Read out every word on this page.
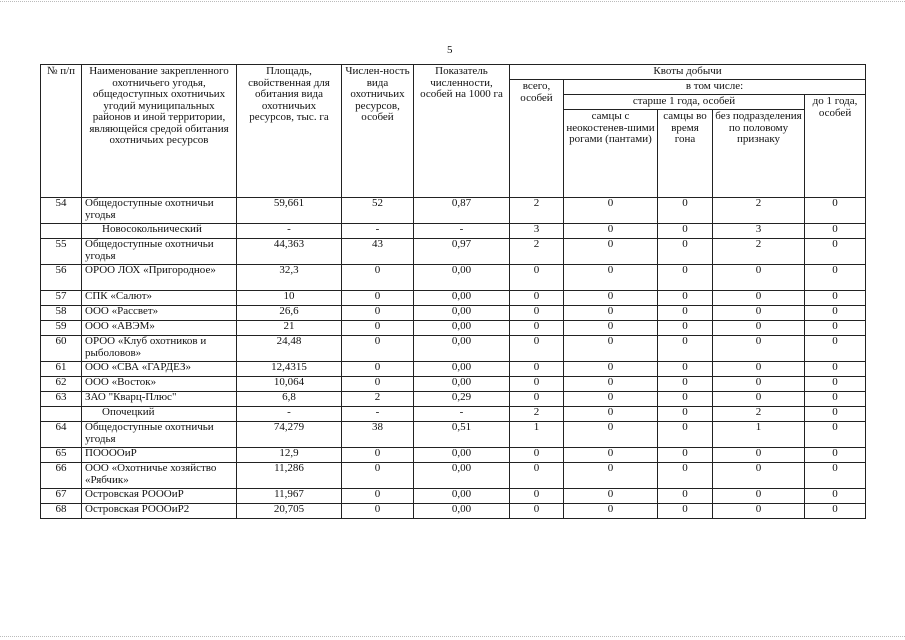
5
№ п/п	Наименование закрепленного охотничьего угодья, общедоступных охотничьих угодий муниципальных районов и иной территории, являющейся средой обитания охотничьих ресурсов	Площадь, свойственная для обитания вида охотничьих ресурсов, тыс. га	Числен-ность вида охотничьих ресурсов, особей	Показатель численности, особей на 1000 га	Квоты добычи				
					всего, особей	в том числе:			
						старше 1 года, особей			до 1 года, особей
						самцы с неокостенев-шими рогами (пантами)	самцы во время гона	без подразделения по половому признаку	
54	Общедоступные охотничьи угодья	59,661	52	0,87	2	0	0	2	0
	Новосокольнический	-	-	-	3	0	0	3	0
55	Общедоступные охотничьи угодья	44,363	43	0,97	2	0	0	2	0
56	ОРОО ЛОХ «Пригородное»	32,3	0	0,00	0	0	0	0	0
57	СПК «Салют»	10	0	0,00	0	0	0	0	0
58	ООО «Рассвет»	26,6	0	0,00	0	0	0	0	0
59	ООО «АВЭМ»	21	0	0,00	0	0	0	0	0
60	ОРОО «Клуб охотников и рыболовов»	24,48	0	0,00	0	0	0	0	0
61	ООО «СВА «ГАРДЕЗ»	12,4315	0	0,00	0	0	0	0	0
62	ООО «Восток»	10,064	0	0,00	0	0	0	0	0
63	ЗАО "Кварц-Плюс"	6,8	2	0,29	0	0	0	0	0
	Опочецкий	-	-	-	2	0	0	2	0
64	Общедоступные охотничьи угодья	74,279	38	0,51	1	0	0	1	0
65	ПООООиР	12,9	0	0,00	0	0	0	0	0
66	ООО «Охотничье хозяйство «Рябчик»	11,286	0	0,00	0	0	0	0	0
67	Островская РОООиР	11,967	0	0,00	0	0	0	0	0
68	Островская РОООиР2	20,705	0	0,00	0	0	0	0	0
